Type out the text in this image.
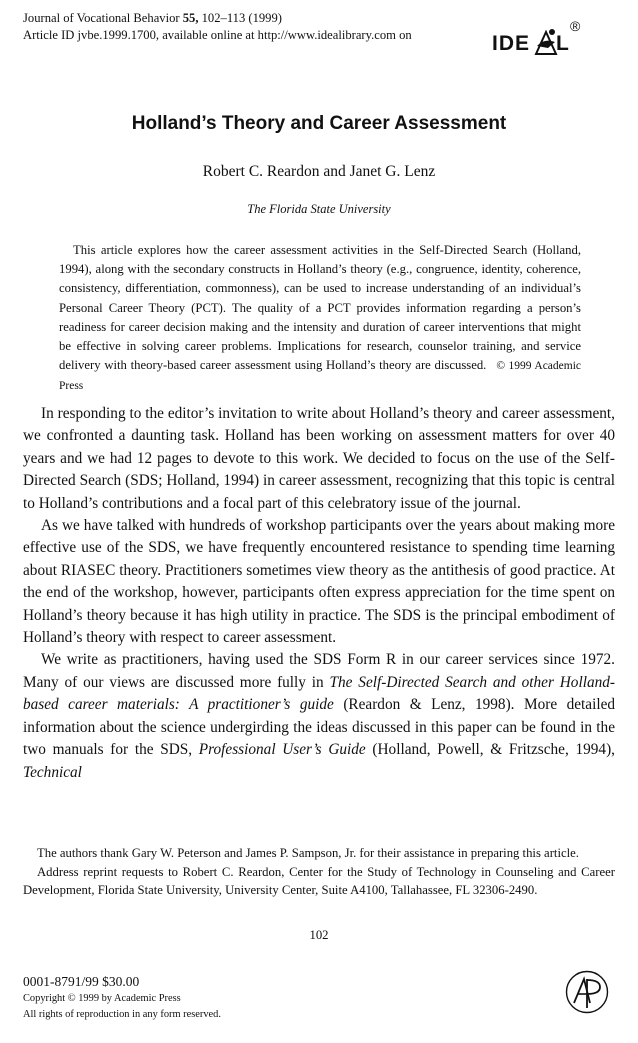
Journal of Vocational Behavior 55, 102–113 (1999)
Article ID jvbe.1999.1700, available online at http://www.idealibrary.com on	IDE L
®
Holland’s Theory and Career Assessment
Robert C. Reardon and Janet G. Lenz
The Florida State University
This article explores how the career assessment activities in the Self-Directed Search (Holland, 1994), along with the secondary constructs in Holland’s theory (e.g., congruence, identity, coherence, consistency, differentiation, commonness), can be used to increase understanding of an individual’s Personal Career Theory (PCT). The quality of a PCT provides information regarding a person’s readiness for career decision making and the intensity and duration of career interventions that might be effective in solving career problems. Implications for research, counselor training, and service delivery with theory-based career assessment using Holland’s theory are discussed. © 1999 Academic Press

In responding to the editor’s invitation to write about Holland’s theory and career assessment, we confronted a daunting task. Holland has been working on assessment matters for over 40 years and we had 12 pages to devote to this work. We decided to focus on the use of the Self-Directed Search (SDS; Holland, 1994) in career assessment, recognizing that this topic is central to Holland’s contributions and a focal part of this celebratory issue of the journal.

As we have talked with hundreds of workshop participants over the years about making more effective use of the SDS, we have frequently encountered resistance to spending time learning about RIASEC theory. Practitioners sometimes view theory as the antithesis of good practice. At the end of the workshop, however, participants often express appreciation for the time spent on Holland’s theory because it has high utility in practice. The SDS is the principal embodiment of Holland’s theory with respect to career assessment.

We write as practitioners, having used the SDS Form R in our career services since 1972. Many of our views are discussed more fully in The Self-Directed Search and other Holland-based career materials: A practitioner’s guide (Reardon & Lenz, 1998). More detailed information about the science undergirding the ideas discussed in this paper can be found in the two manuals for the SDS, Professional User’s Guide (Holland, Powell, & Fritzsche, 1994), Technical

The authors thank Gary W. Peterson and James P. Sampson, Jr. for their assistance in preparing this article.

Address reprint requests to Robert C. Reardon, Center for the Study of Technology in Counseling and Career Development, Florida State University, University Center, Suite A4100, Tallahassee, FL 32306-2490.

102
0001-8791/99 $30.00
Copyright © 1999 by Academic Press
All rights of reproduction in any form reserved.
